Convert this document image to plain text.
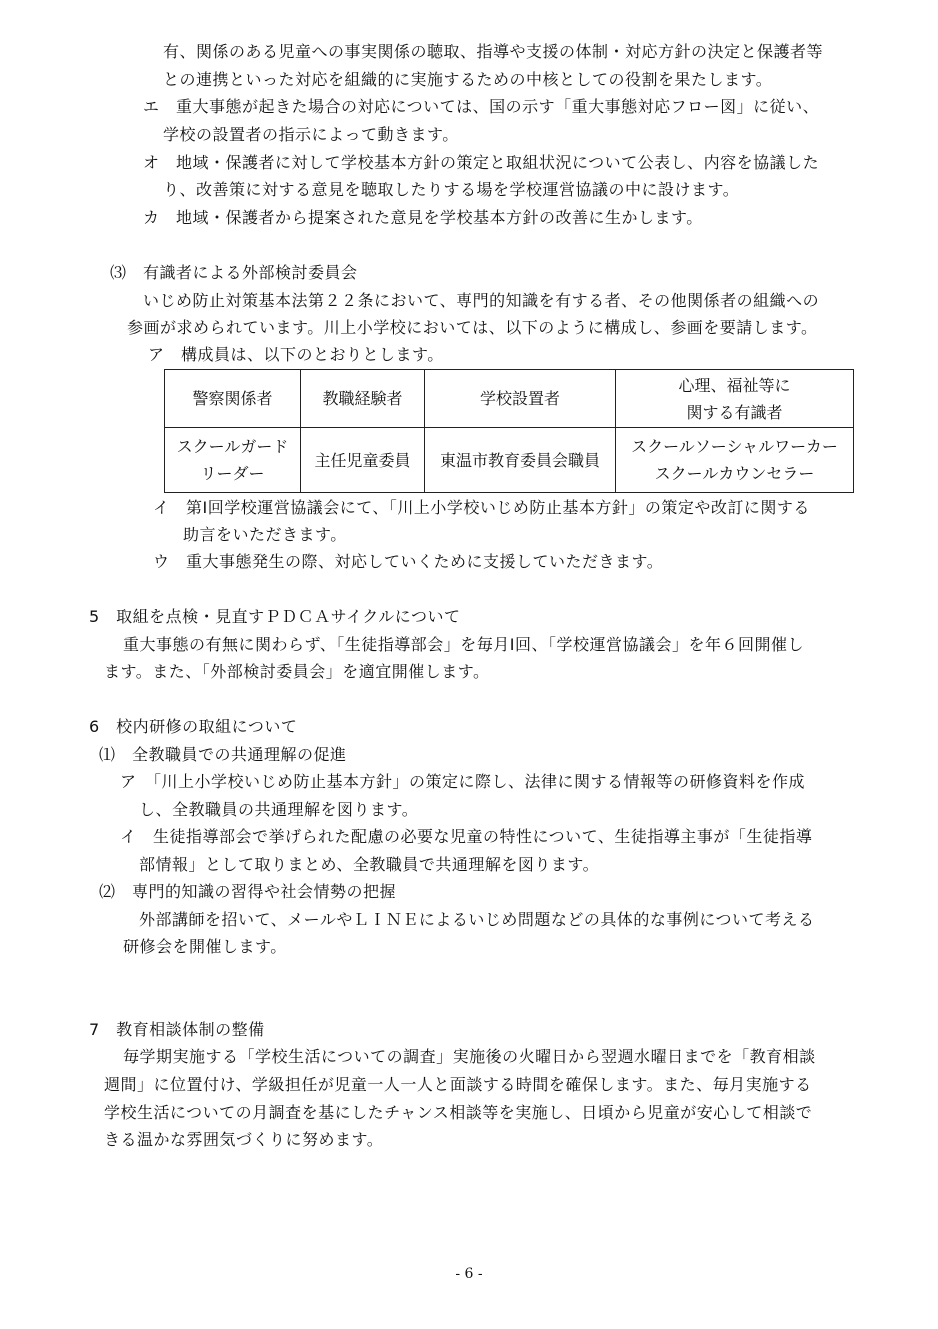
有、関係のある児童への事実関係の聴取、指導や支援の体制・対応方針の決定と保護者等
との連携といった対応を組織的に実施するための中核としての役割を果たします。
エ　重大事態が起きた場合の対応については、国の示す「重大事態対応フロー図」に従い、
学校の設置者の指示によって動きます。
オ　地域・保護者に対して学校基本方針の策定と取組状況について公表し、内容を協議した
り、改善策に対する意見を聴取したりする場を学校運営協議の中に設けます。
カ　地域・保護者から提案された意見を学校基本方針の改善に生かします。
⑶　有識者による外部検討委員会
いじめ防止対策基本法第２２条において、専門的知識を有する者、その他関係者の組織への
参画が求められています。川上小学校においては、以下のように構成し、参画を要請します。
ア　構成員は、以下のとおりとします。
警察関係者	教職経験者	学校設置者	心理、福祉等に
関する有識者
スクールガード
リーダー	主任児童委員	東温市教育委員会職員	スクールソーシャルワーカー
スクールカウンセラー
イ　第Ⅰ回学校運営協議会にて、「川上小学校いじめ防止基本方針」の策定や改訂に関する
助言をいただきます。
ウ　重大事態発生の際、対応していくために支援していただきます。
5　取組を点検・見直すＰＤＣＡサイクルについて
重大事態の有無に関わらず、「生徒指導部会」を毎月Ⅰ回、「学校運営協議会」を年６回開催し
ます。また、「外部検討委員会」を適宜開催します。
6　校内研修の取組について
⑴　全教職員での共通理解の促進
ア　「川上小学校いじめ防止基本方針」の策定に際し、法律に関する情報等の研修資料を作成
し、全教職員の共通理解を図ります。
イ　生徒指導部会で挙げられた配慮の必要な児童の特性について、生徒指導主事が「生徒指導
部情報」として取りまとめ、全教職員で共通理解を図ります。
⑵　専門的知識の習得や社会情勢の把握
外部講師を招いて、メールやＬＩＮＥによるいじめ問題などの具体的な事例について考える
研修会を開催します。
7　教育相談体制の整備
毎学期実施する「学校生活についての調査」実施後の火曜日から翌週水曜日までを「教育相談
週間」に位置付け、学級担任が児童一人一人と面談する時間を確保します。また、毎月実施する
学校生活についての月調査を基にしたチャンス相談等を実施し、日頃から児童が安心して相談で
きる温かな雰囲気づくりに努めます。
- 6 -
